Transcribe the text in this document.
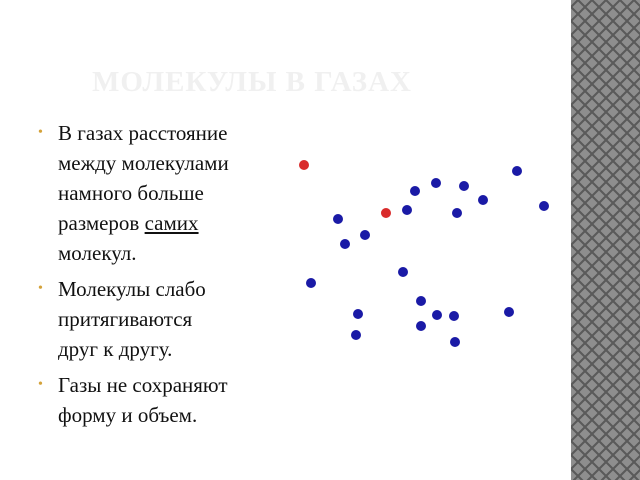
МОЛЕКУЛЫ В ГАЗАХ
• В газах расстояние
между молекулами
намного больше
размеров самих
молекул.
• Молекулы слабо
притягиваются
друг к другу.
• Газы не сохраняют
форму и объем.
